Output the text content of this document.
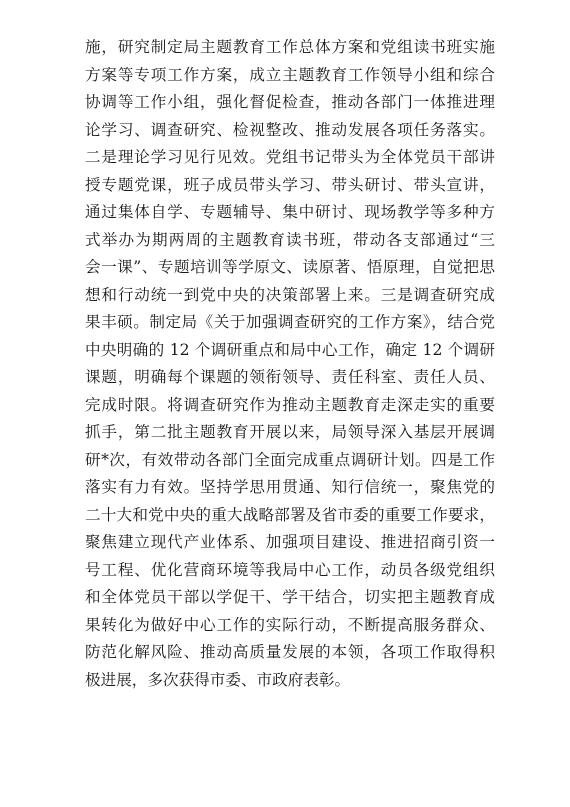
施，研究制定局主题教育工作总体方案和党组读书班实施
方案等专项工作方案，成立主题教育工作领导小组和综合
协调等工作小组，强化督促检查，推动各部门一体推进理
论学习、调查研究、检视整改、推动发展各项任务落实。
二是理论学习见行见效。党组书记带头为全体党员干部讲
授专题党课，班子成员带头学习、带头研讨、带头宣讲，
通过集体自学、专题辅导、集中研讨、现场教学等多种方
式举办为期两周的主题教育读书班，带动各支部通过“三
会一课”、专题培训等学原文、读原著、悟原理，自觉把思
想和行动统一到党中央的决策部署上来。三是调查研究成
果丰硕。制定局《关于加强调查研究的工作方案》，结合党
中央明确的 12 个调研重点和局中心工作，确定 12 个调研
课题，明确每个课题的领衔领导、责任科室、责任人员、
完成时限。将调查研究作为推动主题教育走深走实的重要
抓手，第二批主题教育开展以来，局领导深入基层开展调
研*次，有效带动各部门全面完成重点调研计划。四是工作
落实有力有效。坚持学思用贯通、知行信统一，聚焦党的
二十大和党中央的重大战略部署及省市委的重要工作要求，
聚焦建立现代产业体系、加强项目建设、推进招商引资一
号工程、优化营商环境等我局中心工作，动员各级党组织
和全体党员干部以学促干、学干结合，切实把主题教育成
果转化为做好中心工作的实际行动，不断提高服务群众、
防范化解风险、推动高质量发展的本领，各项工作取得积
极进展，多次获得市委、市政府表彰。
